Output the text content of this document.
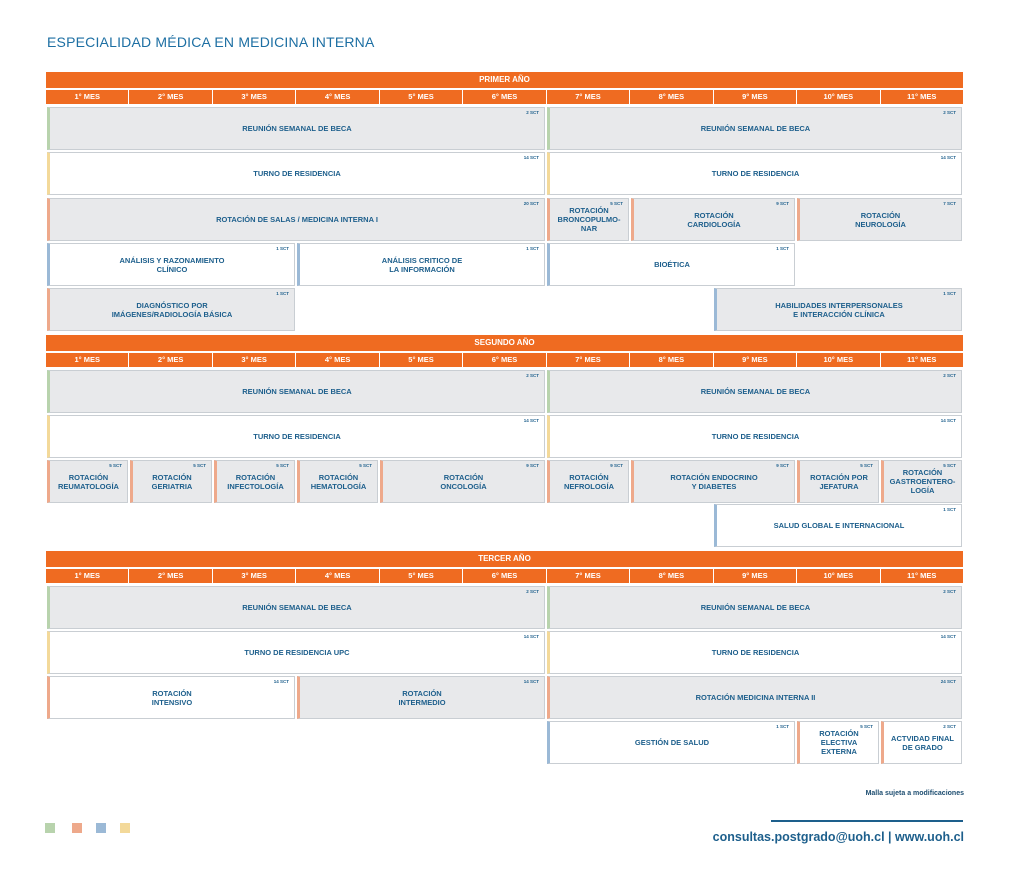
ESPECIALIDAD MÉDICA EN MEDICINA INTERNA
PRIMER AÑO
1° MES	2° MES	3° MES	4° MES	5° MES	6° MES	7° MES	8° MES	9° MES	10° MES	11° MES
REUNIÓN SEMANAL DE BECA
2 SCT
REUNIÓN SEMANAL DE BECA
2 SCT
TURNO DE RESIDENCIA
14 SCT
TURNO DE RESIDENCIA
14 SCT
ROTACIÓN DE SALAS / MEDICINA INTERNA I
20 SCT
ROTACIÓN
BRONCOPULMO-
NAR
5 SCT
ROTACIÓN
CARDIOLOGÍA
9 SCT
ROTACIÓN
NEUROLOGÍA
7 SCT
ANÁLISIS Y RAZONAMIENTO
CLÍNICO
1 SCT
ANÁLISIS CRITICO DE
LA INFORMACIÓN
1 SCT
BIOÉTICA
1 SCT
DIAGNÓSTICO POR
IMÁGENES/RADIOLOGÍA BÁSICA
1 SCT
HABILIDADES INTERPERSONALES
E INTERACCIÓN CLÍNICA
1 SCT
SEGUNDO AÑO
1° MES	2° MES	3° MES	4° MES	5° MES	6° MES	7° MES	8° MES	9° MES	10° MES	11° MES
REUNIÓN SEMANAL DE BECA
2 SCT
REUNIÓN SEMANAL DE BECA
2 SCT
TURNO DE RESIDENCIA
14 SCT
TURNO DE RESIDENCIA
14 SCT
ROTACIÓN
REUMATOLOGÍA
5 SCT
ROTACIÓN
GERIATRIA
5 SCT
ROTACIÓN
INFECTOLOGÍA
5 SCT
ROTACIÓN
HEMATOLOGÍA
5 SCT
ROTACIÓN
ONCOLOGÍA
9 SCT
ROTACIÓN
NEFROLOGÍA
9 SCT
ROTACIÓN ENDOCRINO
Y DIABETES
9 SCT
ROTACIÓN POR
JEFATURA
5 SCT
ROTACIÓN
GASTROENTERO-
LOGÍA
5 SCT
SALUD GLOBAL E INTERNACIONAL
1 SCT
TERCER AÑO
1° MES	2° MES	3° MES	4° MES	5° MES	6° MES	7° MES	8° MES	9° MES	10° MES	11° MES
REUNIÓN SEMANAL DE BECA
2 SCT
REUNIÓN SEMANAL DE BECA
2 SCT
TURNO DE RESIDENCIA UPC
14 SCT
TURNO DE RESIDENCIA
14 SCT
ROTACIÓN
INTENSIVO
14 SCT
ROTACIÓN
INTERMEDIO
14 SCT
ROTACIÓN MEDICINA INTERNA II
24 SCT
GESTIÓN DE SALUD
1 SCT
ROTACIÓN
ELECTIVA
EXTERNA
5 SCT
ACTVIDAD FINAL
DE GRADO
2 SCT
Malla sujeta a modificaciones
consultas.postgrado@uoh.cl | www.uoh.cl
